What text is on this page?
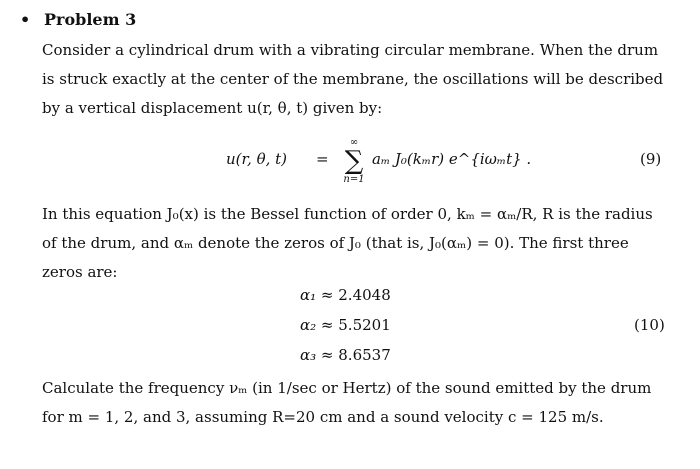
• Problem 3
Consider a cylindrical drum with a vibrating circular membrane. When the drum is struck exactly at the center of the membrane, the oscillations will be described by a vertical displacement u(r, θ, t) given by:
u(r, θ, t) =
∞
∑
n=1
aₘ J₀(kₘr) e^{iωₘt} .	(9)
In this equation J₀(x) is the Bessel function of order 0, kₘ = αₘ/R, R is the radius of the drum, and αₘ denote the zeros of J₀ (that is, J₀(αₘ) = 0). The first three zeros are:
α₁ ≈ 2.4048
α₂ ≈ 5.5201
α₃ ≈ 8.6537
(10)
Calculate the frequency νₘ (in 1/sec or Hertz) of the sound emitted by the drum for m = 1, 2, and 3, assuming R=20 cm and a sound velocity c = 125 m/s.
